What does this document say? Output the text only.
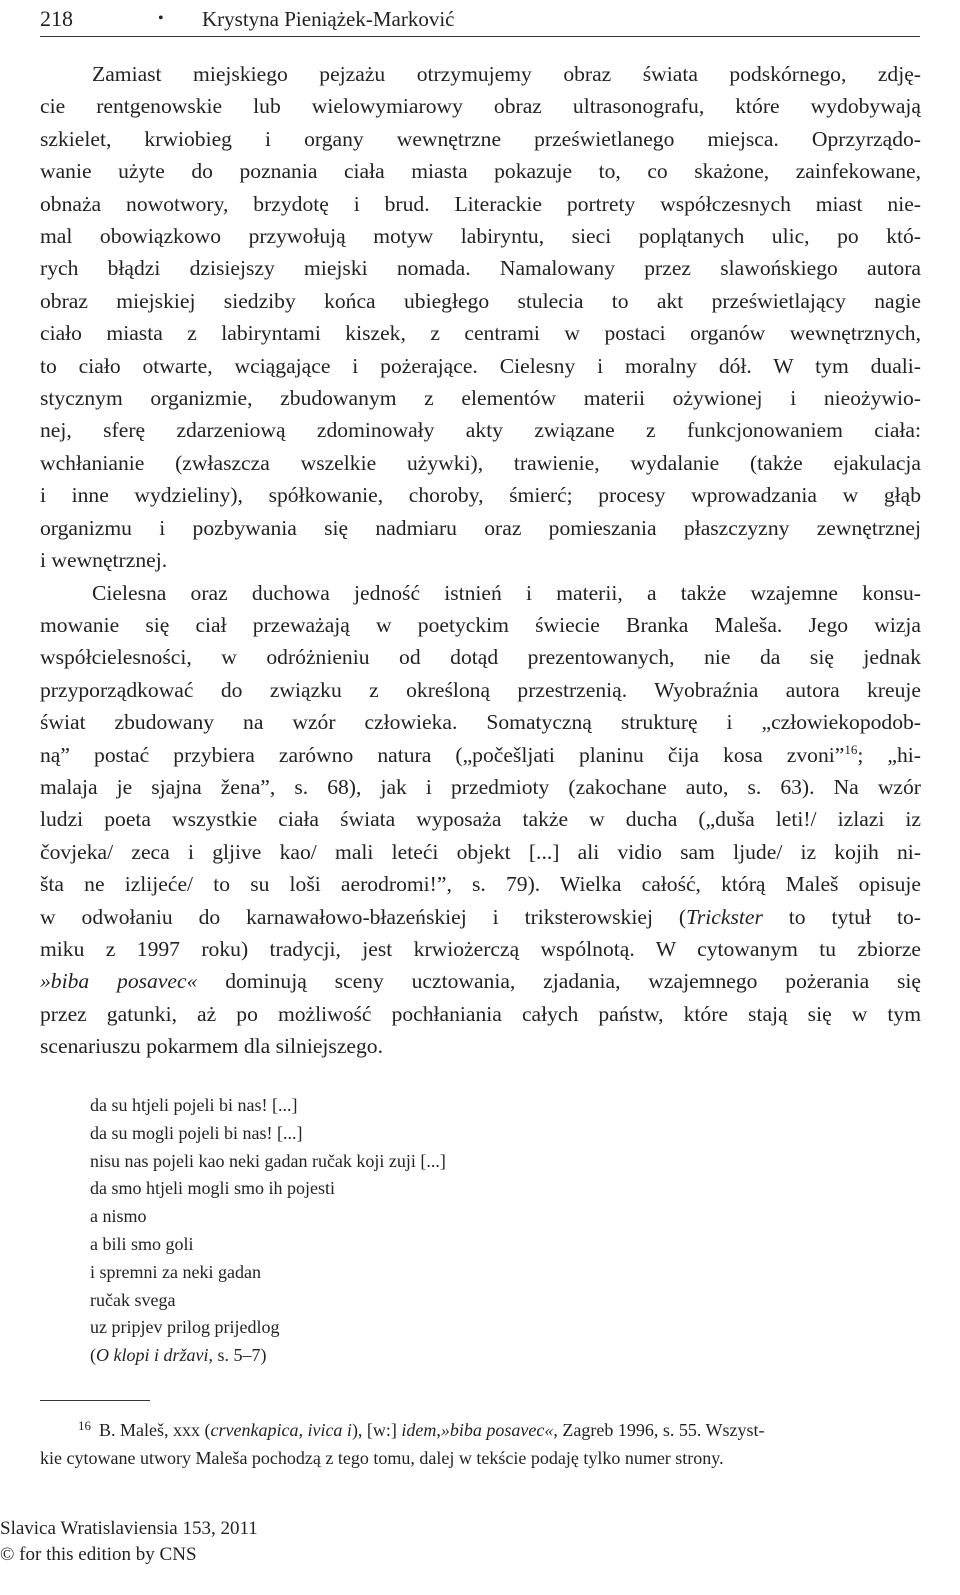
218	• Krystyna Pieniążek-Marković
Zamiast miejskiego pejzażu otrzymujemy obraz świata podskórnego, zdję-
cie rentgenowskie lub wielowymiarowy obraz ultrasonografu, które wydobywają
szkielet, krwiobieg i organy wewnętrzne prześwietlanego miejsca. Oprzyrządo-
wanie użyte do poznania ciała miasta pokazuje to, co skażone, zainfekowane,
obnaża nowotwory, brzydotę i brud. Literackie portrety współczesnych miast nie-
mal obowiązkowo przywołują motyw labiryntu, sieci poplątanych ulic, po któ-
rych błądzi dzisiejszy miejski nomada. Namalowany przez slawońskiego autora
obraz miejskiej siedziby końca ubiegłego stulecia to akt prześwietlający nagie
ciało miasta z labiryntami kiszek, z centrami w postaci organów wewnętrznych,
to ciało otwarte, wciągające i pożerające. Cielesny i moralny dół. W tym duali-
stycznym organizmie, zbudowanym z elementów materii ożywionej i nieożywio-
nej, sferę zdarzeniową zdominowały akty związane z funkcjonowaniem ciała:
wchłanianie (zwłaszcza wszelkie używki), trawienie, wydalanie (także ejakulacja
i inne wydzieliny), spółkowanie, choroby, śmierć; procesy wprowadzania w głąb
organizmu i pozbywania się nadmiaru oraz pomieszania płaszczyzny zewnętrznej
i wewnętrznej.
Cielesna oraz duchowa jedność istnień i materii, a także wzajemne konsu-
mowanie się ciał przeważają w poetyckim świecie Branka Maleša. Jego wizja
współcielesności, w odróżnieniu od dotąd prezentowanych, nie da się jednak
przyporządkować do związku z określoną przestrzenią. Wyobraźnia autora kreuje
świat zbudowany na wzór człowieka. Somatyczną strukturę i „człowiekopodob-
ną” postać przybiera zarówno natura („počešljati planinu čija kosa zvoni”$^{16}$; „hi-
malaja je sjajna žena”, s. 68), jak i przedmioty (zakochane auto, s. 63). Na wzór
ludzi poeta wszystkie ciała świata wyposaża także w ducha („duša leti!/ izlazi iz
čovjeka/ zeca i gljive kao/ mali leteći objekt [...] ali vidio sam ljude/ iz kojih ni-
šta ne izlijeće/ to su loši aerodromi!”, s. 79). Wielka całość, którą Maleš opisuje
w odwołaniu do karnawałowo-błazeńskiej i triksterowskiej (Trickster to tytuł to-
miku z 1997 roku) tradycji, jest krwiożerczą wspólnotą. W cytowanym tu zbiorze
»biba posavec« dominują sceny ucztowania, zjadania, wzajemnego pożerania się
przez gatunki, aż po możliwość pochłaniania całych państw, które stają się w tym
scenariuszu pokarmem dla silniejszego.
da su htjeli pojeli bi nas! [...]
da su mogli pojeli bi nas! [...]
nisu nas pojeli kao neki gadan ručak koji zuji [...]
da smo htjeli mogli smo ih pojesti
a nismo
a bili smo goli
i spremni za neki gadan
ručak svega
uz pripjev prilog prijedlog
(O klopi i državi, s. 5–7)
16 B. Maleš, xxx (crvenkapica, ivica i), [w:] idem,»biba posavec«, Zagreb 1996, s. 55. Wszyst-
kie cytowane utwory Maleša pochodzą z tego tomu, dalej w tekście podaję tylko numer strony.
Slavica Wratislaviensia 153, 2011
© for this edition by CNS
